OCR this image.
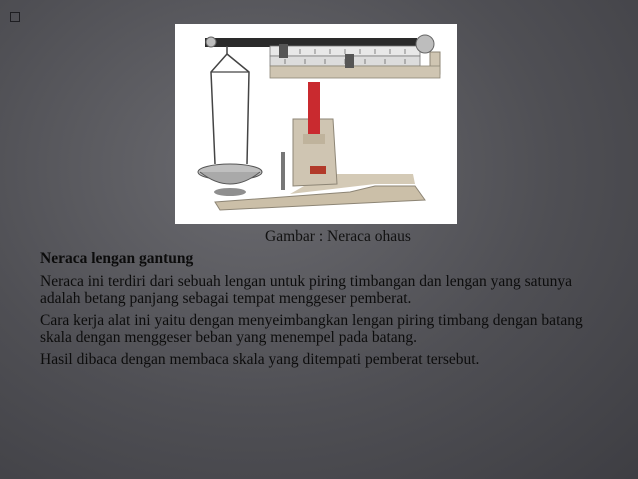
Gambar : Neraca ohaus

Neraca lengan gantung

Neraca ini terdiri dari sebuah lengan untuk piring timbangan dan lengan yang satunya adalah betang panjang sebagai tempat menggeser pemberat.

Cara kerja alat ini yaitu dengan menyeimbangkan lengan piring timbang dengan batang skala dengan menggeser beban yang menempel pada batang.

Hasil dibaca dengan membaca skala yang ditempati pemberat tersebut.
